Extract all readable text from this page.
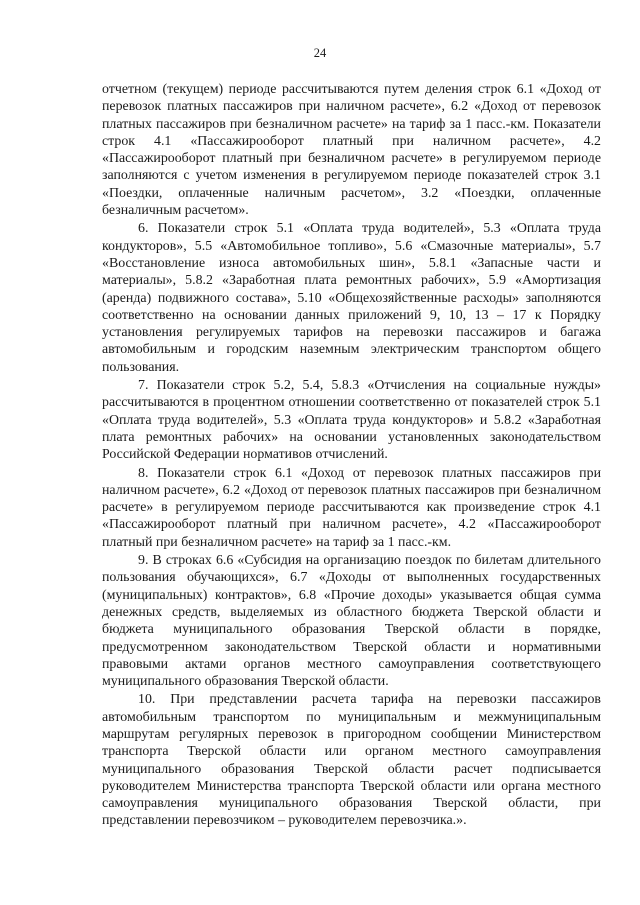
24

отчетном (текущем) периоде рассчитываются путем деления строк 6.1 «Доход от перевозок платных пассажиров при наличном расчете», 6.2 «Доход от перевозок платных пассажиров при безналичном расчете» на тариф за 1 пасс.-км. Показатели строк 4.1 «Пассажирооборот платный при наличном расчете», 4.2 «Пассажирооборот платный при безналичном расчете» в регулируемом периоде заполняются с учетом изменения в регулируемом периоде показателей строк 3.1 «Поездки, оплаченные наличным расчетом», 3.2 «Поездки, оплаченные безналичным расчетом».

6. Показатели строк 5.1 «Оплата труда водителей», 5.3 «Оплата труда кондукторов», 5.5 «Автомобильное топливо», 5.6 «Смазочные материалы», 5.7 «Восстановление износа автомобильных шин», 5.8.1 «Запасные части и материалы», 5.8.2 «Заработная плата ремонтных рабочих», 5.9 «Амортизация (аренда) подвижного состава», 5.10 «Общехозяйственные расходы» заполняются соответственно на основании данных приложений 9, 10, 13 – 17 к Порядку установления регулируемых тарифов на перевозки пассажиров и багажа автомобильным и городским наземным электрическим транспортом общего пользования.

7. Показатели строк 5.2, 5.4, 5.8.3 «Отчисления на социальные нужды» рассчитываются в процентном отношении соответственно от показателей строк 5.1 «Оплата труда водителей», 5.3 «Оплата труда кондукторов» и 5.8.2 «Заработная плата ремонтных рабочих» на основании установленных законодательством Российской Федерации нормативов отчислений.

8. Показатели строк 6.1 «Доход от перевозок платных пассажиров при наличном расчете», 6.2 «Доход от перевозок платных пассажиров при безналичном расчете» в регулируемом периоде рассчитываются как произведение строк 4.1 «Пассажирооборот платный при наличном расчете», 4.2 «Пассажирооборот платный при безналичном расчете» на тариф за 1 пасс.-км.

9. В строках 6.6 «Субсидия на организацию поездок по билетам длительного пользования обучающихся», 6.7 «Доходы от выполненных государственных (муниципальных) контрактов», 6.8 «Прочие доходы» указывается общая сумма денежных средств, выделяемых из областного бюджета Тверской области и бюджета муниципального образования Тверской области в порядке, предусмотренном законодательством Тверской области и нормативными правовыми актами органов местного самоуправления соответствующего муниципального образования Тверской области.

10. При представлении расчета тарифа на перевозки пассажиров автомобильным транспортом по муниципальным и межмуниципальным маршрутам регулярных перевозок в пригородном сообщении Министерством транспорта Тверской области или органом местного самоуправления муниципального образования Тверской области расчет подписывается руководителем Министерства транспорта Тверской области или органа местного самоуправления муниципального образования Тверской области, при представлении перевозчиком – руководителем перевозчика.».
